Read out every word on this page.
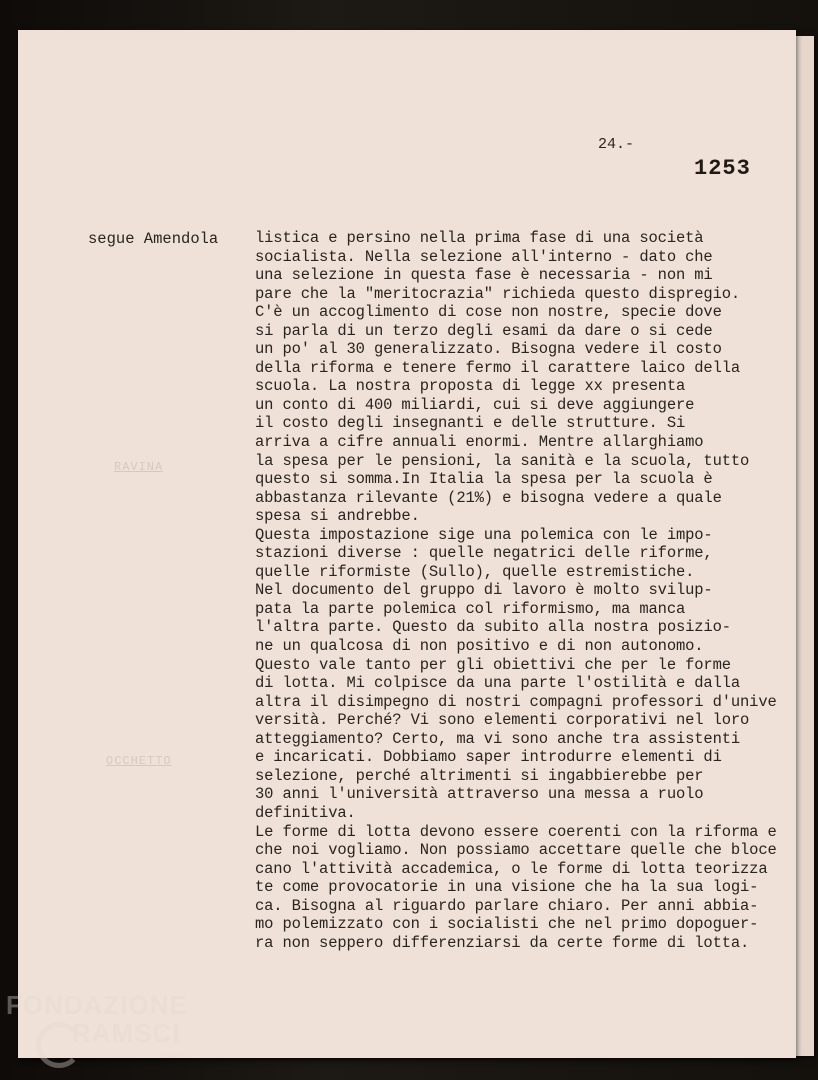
RAVINA
OCCHETTO
24.-
1253
segue Amendola listica e persino nella prima fase di una società
socialista. Nella selezione all'interno - dato che
una selezione in questa fase è necessaria - non mi
pare che la "meritocrazia" richieda questo dispregio.
C'è un accoglimento di cose non nostre, specie dove
si parla di un terzo degli esami da dare o si cede
un po' al 30 generalizzato. Bisogna vedere il costo
della riforma e tenere fermo il carattere laico della
scuola. La nostra proposta di legge xx presenta
un conto di 400 miliardi, cui si deve aggiungere
il costo degli insegnanti e delle strutture. Si
arriva a cifre annuali enormi. Mentre allarghiamo
la spesa per le pensioni, la sanità e la scuola, tutto
questo si somma.In Italia la spesa per la scuola è
abbastanza rilevante (21%) e bisogna vedere a quale
spesa si andrebbe.
Questa impostazione sige una polemica con le impo-
stazioni diverse : quelle negatrici delle riforme,
quelle riformiste (Sullo), quelle estremistiche.
Nel documento del gruppo di lavoro è molto svilup-
pata la parte polemica col riformismo, ma manca
l'altra parte. Questo da subito alla nostra posizio-
ne un qualcosa di non positivo e di non autonomo.
Questo vale tanto per gli obiettivi che per le forme
di lotta. Mi colpisce da una parte l'ostilità e dalla
altra il disimpegno di nostri compagni professori d'unive
versità. Perché? Vi sono elementi corporativi nel loro
atteggiamento? Certo, ma vi sono anche tra assistenti
e incaricati. Dobbiamo saper introdurre elementi di
selezione, perché altrimenti si ingabbierebbe per
30 anni l'università attraverso una messa a ruolo
definitiva.
Le forme di lotta devono essere coerenti con la riforma e
che noi vogliamo. Non possiamo accettare quelle che bloce
cano l'attività accademica, o le forme di lotta teorizza
te come provocatorie in una visione che ha la sua logi-
ca. Bisogna al riguardo parlare chiaro. Per anni abbia-
mo polemizzato con i socialisti che nel primo dopoguer-
ra non seppero differenziarsi da certe forme di lotta.
FONDAZIONE
RAMSCI
onlus
